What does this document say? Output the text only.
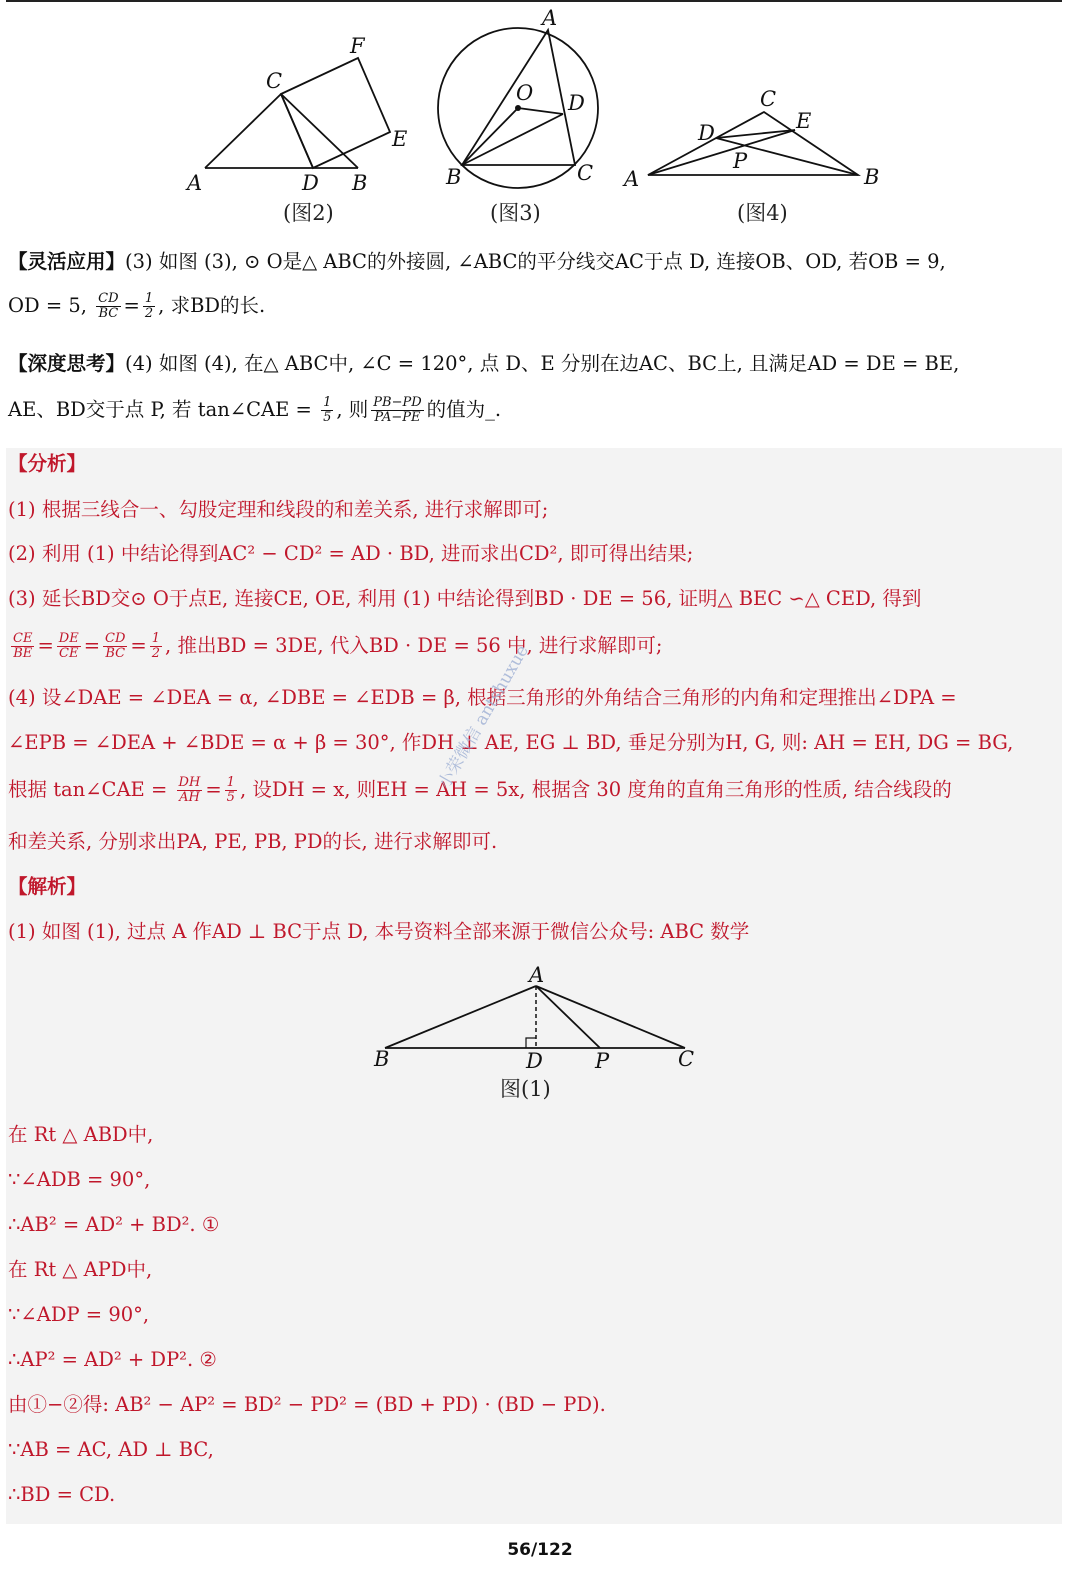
A
C
D B
F
E
(图2)
A
O D
B	C
(图3)
C
E
D
P
A	B
(图4)
【灵活应用】(3) 如图 (3), ⊙ O是△ ABC的外接圆, ∠ABC的平分线交AC于点 D, 连接OB、OD, 若OB = 9,
OD = 5, $\frac{CD}{BC} = \frac{1}{2}$ , 求BD的长.
【深度思考】(4) 如图 (4), 在△ ABC中, ∠C = 120°, 点 D、E 分别在边AC、BC上, 且满足AD = DE = BE,
AE、BD交于点 P, 若 tan∠CAE = $\frac{1}{5}$ , 则 $\frac{PB-PD}{PA-PE}$ 的值为_.
【分析】
(1) 根据三线合一、勾股定理和线段的和差关系, 进行求解即可;
(2) 利用 (1) 中结论得到AC² − CD² = AD · BD, 进而求出CD², 即可得出结果;
(3) 延长BD交⊙ O于点E, 连接CE, OE, 利用 (1) 中结论得到BD · DE = 56, 证明△ BEC ∽△ CED, 得到
$\frac{CE}{BE} = \frac{DE}{CE} = \frac{CD}{BC} = \frac{1}{2}$ , 推出BD = 3DE, 代入BD · DE = 56 中, 进行求解即可;
(4) 设∠DAE = ∠DEA = α, ∠DBE = ∠EDB = β, 根据三角形的外角结合三角形的内角和定理推出∠DPA =
∠EPB = ∠DEA + ∠BDE = α + β = 30°, 作DH ⊥ AE, EG ⊥ BD, 垂足分别为H, G, 则: AH = EH, DG = BG,
根据 tan∠CAE = $\frac{DH}{AH} = \frac{1}{5}$ , 设DH = x, 则EH = AH = 5x, 根据含 30 度角的直角三角形的性质, 结合线段的
和差关系, 分别求出PA, PE, PB, PD的长, 进行求解即可.
【解析】
(1) 如图 (1), 过点 A 作AD ⊥ BC于点 D, 本号资料全部来源于微信公众号: ABC 数学
A
B	D P	C
图(1)
在 Rt △ ABD中,
∵∠ADB = 90°,
∴AB² = AD² + BD². ①
在 Rt △ APD中,
∵∠ADP = 90°,
∴AP² = AD² + DP². ②
由①−②得: AB² − AP² = BD² − PD² = (BD + PD) · (BD − PD).
∵AB = AC, AD ⊥ BC,
∴BD = CD.
小荣微信 antshuxue
56/122
